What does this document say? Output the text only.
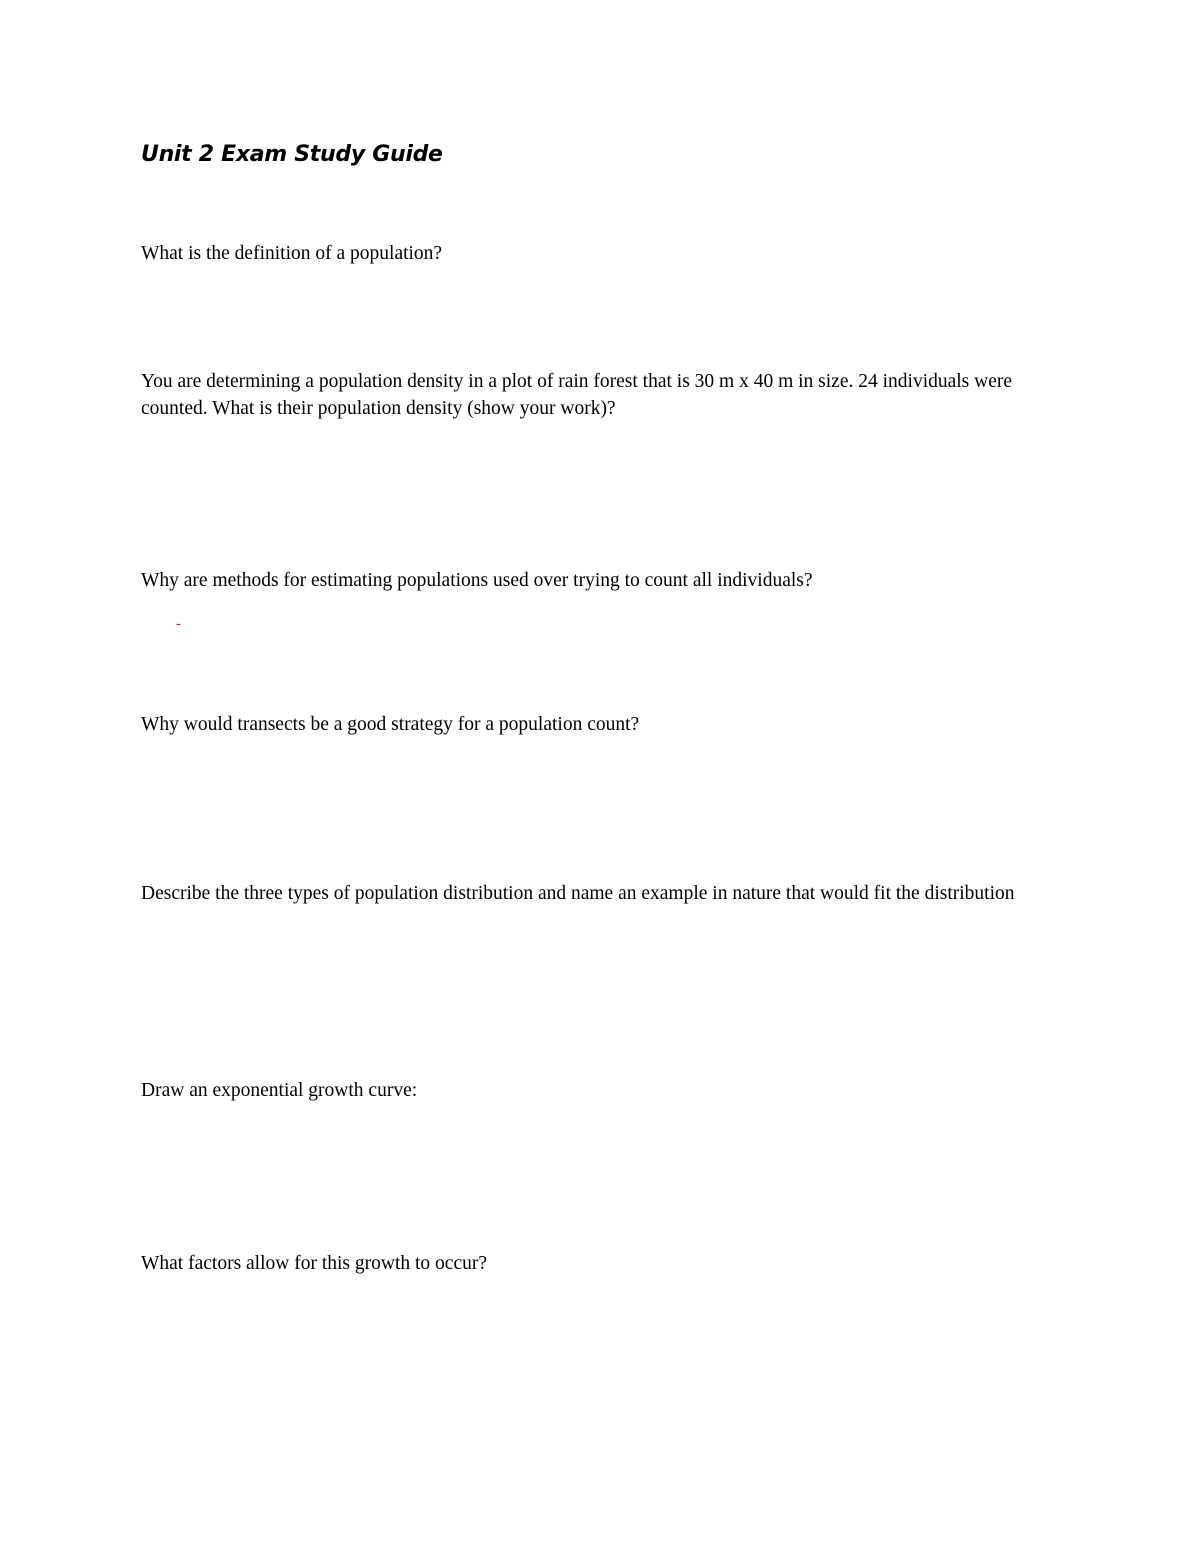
Unit 2 Exam Study Guide

What is the definition of a population?

You are determining a population density in a plot of rain forest that is 30 m x 40 m in size. 24 individuals were counted. What is their population density (show your work)?

Why are methods for estimating populations used over trying to count all individuals?

-

Why would transects be a good strategy for a population count?

Describe the three types of population distribution and name an example in nature that would fit the distribution

Draw an exponential growth curve:

What factors allow for this growth to occur?
